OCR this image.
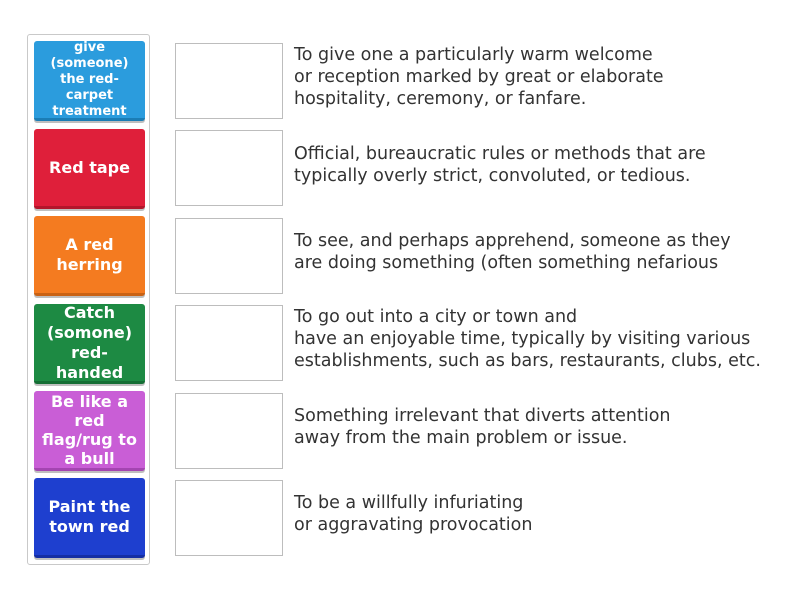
give (someone) the red-carpet treatment
Red tape
A red herring
Catch (somone) red-handed
Be like a red flag/rug to a bull
Paint the town red
To give one a particularly warm welcome
or reception marked by great or elaborate
hospitality, ceremony, or fanfare.
Official, bureaucratic rules or methods that are
typically overly strict, convoluted, or tedious.
To see, and perhaps apprehend, someone as they
are doing something (often something nefarious
To go out into a city or town and
have an enjoyable time, typically by visiting various
establishments, such as bars, restaurants, clubs, etc.
Something irrelevant that diverts attention
away from the main problem or issue.
To be a willfully infuriating
or aggravating provocation
